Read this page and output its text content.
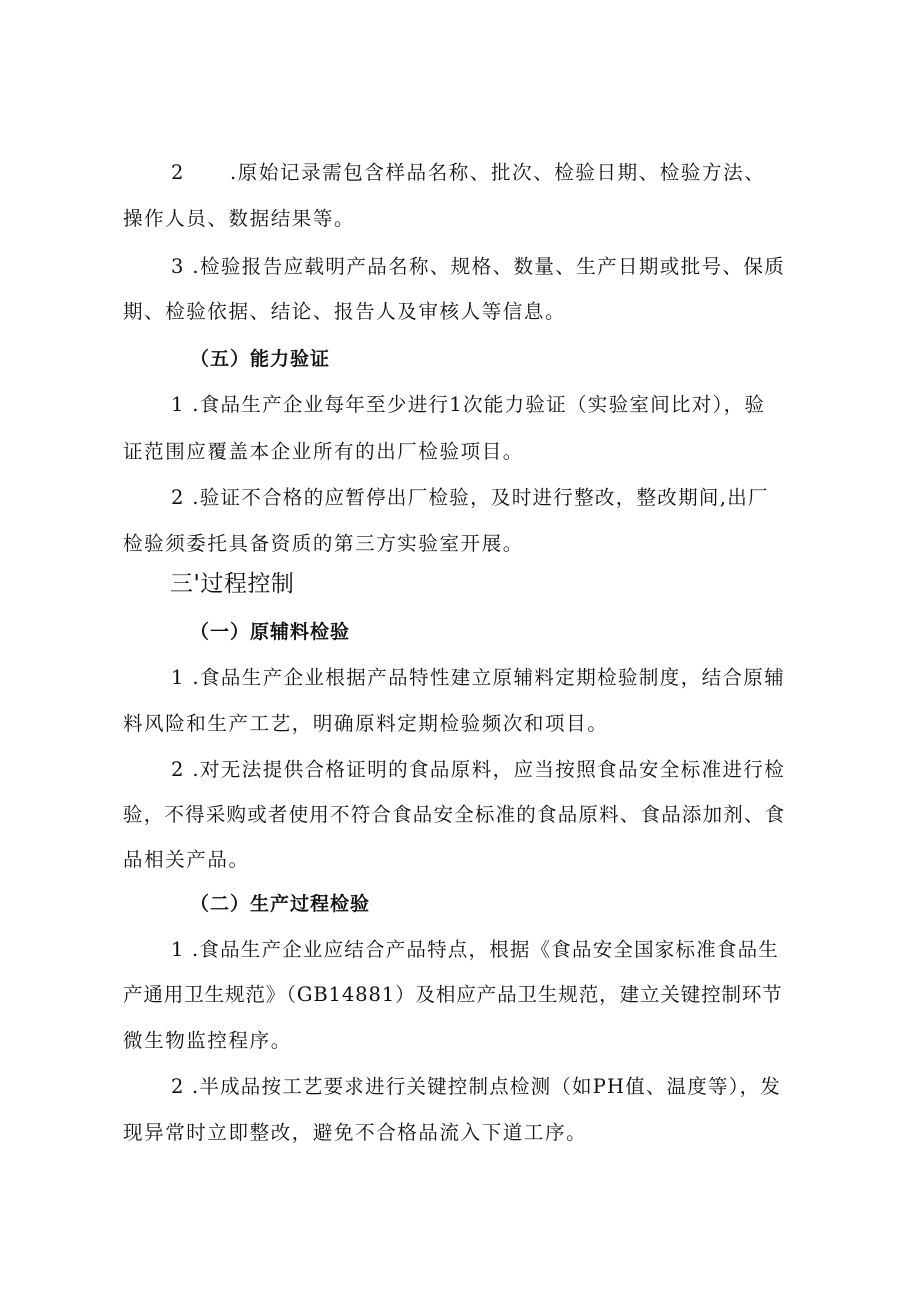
2 .原始记录需包含样品名称、批次、检验日期、检验方法、
操作人员、数据结果等。
3 .检验报告应载明产品名称、规格、数量、生产日期或批号、保质
期、检验依据、结论、报告人及审核人等信息。
（五）能力验证
1 .食品生产企业每年至少进行1次能力验证（实验室间比对），验
证范围应覆盖本企业所有的出厂检验项目。
2 .验证不合格的应暂停出厂检验，及时进行整改，整改期间,出厂
检验须委托具备资质的第三方实验室开展。
三'过程控制
（一）原辅料检验
1 .食品生产企业根据产品特性建立原辅料定期检验制度，结合原辅
料风险和生产工艺，明确原料定期检验频次和项目。
2 .对无法提供合格证明的食品原料，应当按照食品安全标准进行检
验，不得采购或者使用不符合食品安全标准的食品原料、食品添加剂、食
品相关产品。
（二）生产过程检验
1 .食品生产企业应结合产品特点，根据《食品安全国家标准食品生
产通用卫生规范》（GB14881）及相应产品卫生规范，建立关键控制环节
微生物监控程序。
2 .半成品按工艺要求进行关键控制点检测（如PH值、温度等），发
现异常时立即整改，避免不合格品流入下道工序。
